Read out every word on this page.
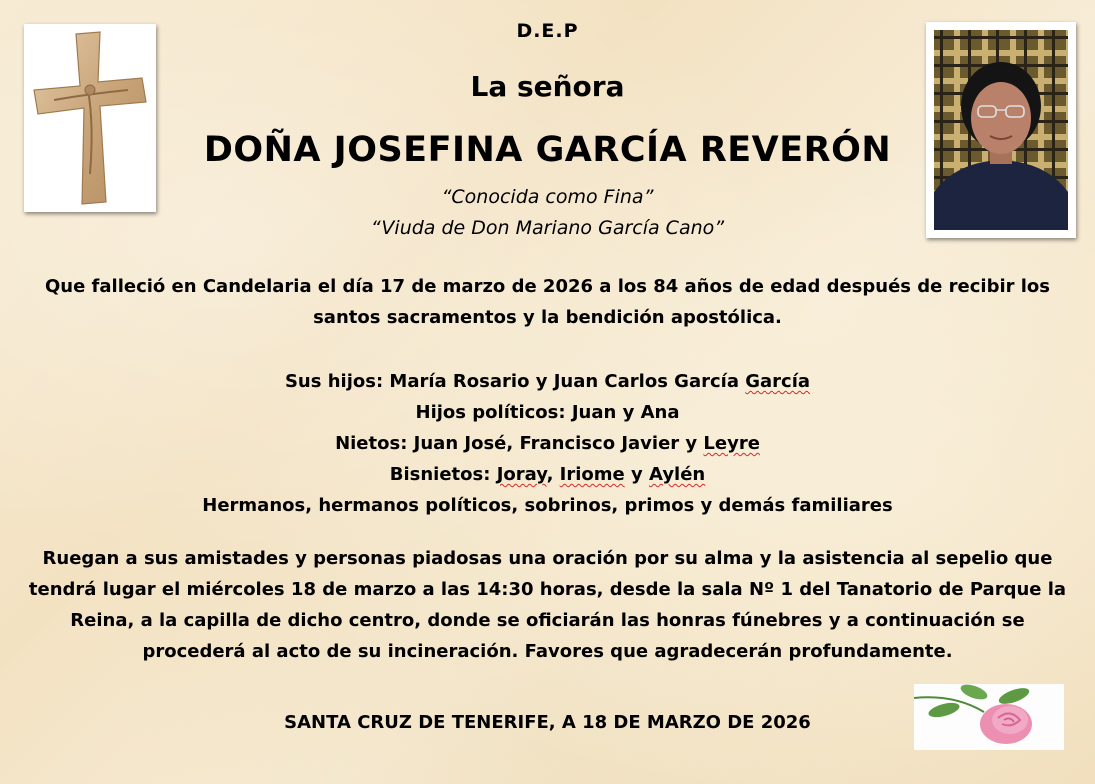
D.E.P
La señora
DOÑA JOSEFINA GARCÍA REVERÓN
“Conocida como Fina”
“Viuda de Don Mariano García Cano”
Que falleció en Candelaria el día 17 de marzo de 2026 a los 84 años de edad después de recibir los santos sacramentos y la bendición apostólica.
Sus hijos: María Rosario y Juan Carlos García García
Hijos políticos: Juan y Ana
Nietos: Juan José, Francisco Javier y Leyre
Bisnietos: Joray, Iriome y Aylén
Hermanos, hermanos políticos, sobrinos, primos y demás familiares
Ruegan a sus amistades y personas piadosas una oración por su alma y la asistencia al sepelio que tendrá lugar el miércoles 18 de marzo a las 14:30 horas, desde la sala Nº 1 del Tanatorio de Parque la Reina, a la capilla de dicho centro, donde se oficiarán las honras fúnebres y a continuación se procederá al acto de su incineración. Favores que agradecerán profundamente.
SANTA CRUZ DE TENERIFE, A 18 DE MARZO DE 2026
